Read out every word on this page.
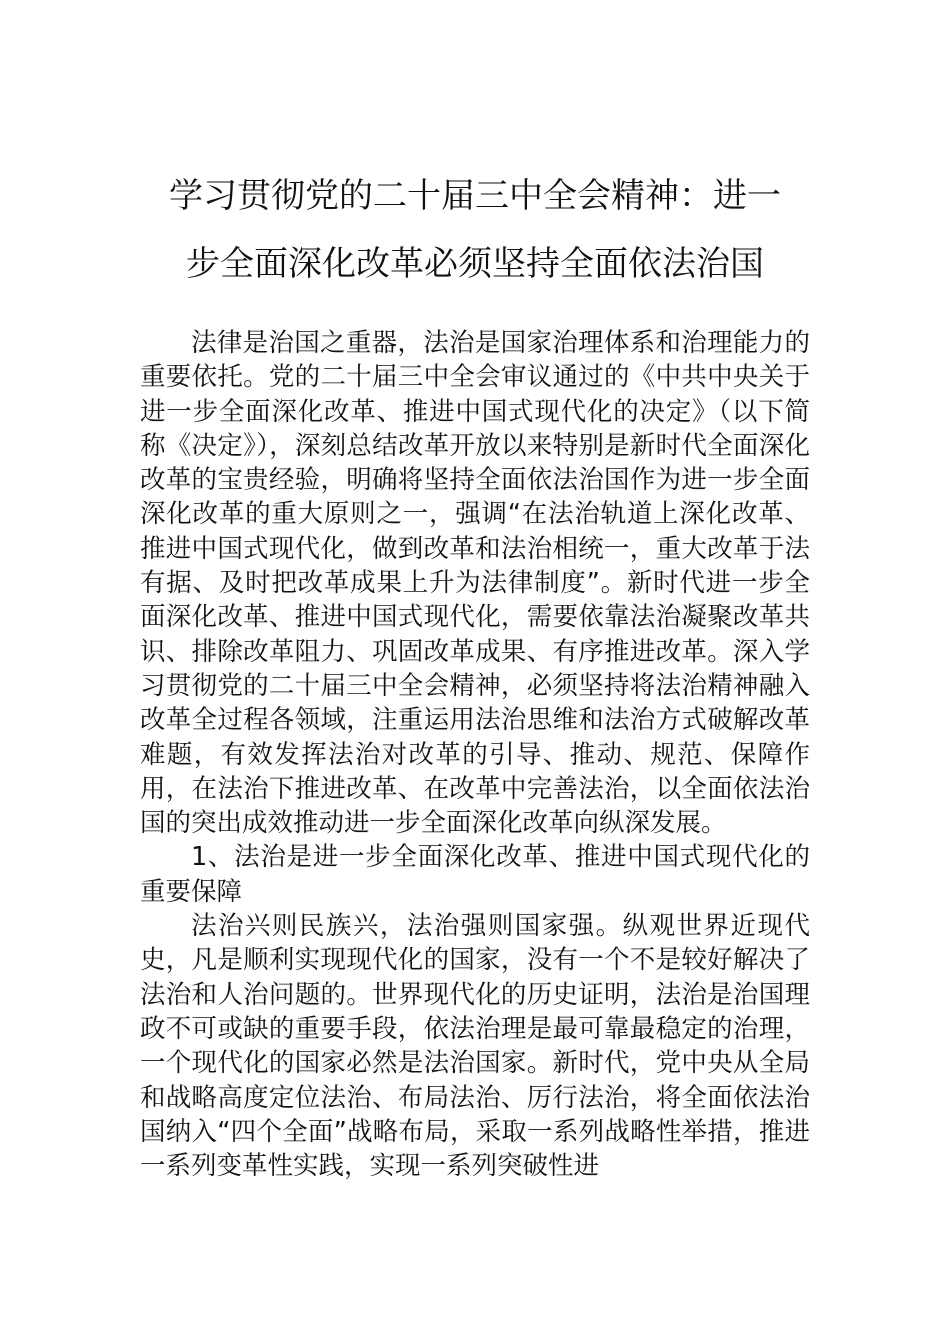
学习贯彻党的二十届三中全会精神：进一
步全面深化改革必须坚持全面依法治国

法律是治国之重器，法治是国家治理体系和治理能力的重要依托。党的二十届三中全会审议通过的《中共中央关于进一步全面深化改革、推进中国式现代化的决定》（以下简称《决定》），深刻总结改革开放以来特别是新时代全面深化改革的宝贵经验，明确将坚持全面依法治国作为进一步全面深化改革的重大原则之一，强调“在法治轨道上深化改革、推进中国式现代化，做到改革和法治相统一，重大改革于法有据、及时把改革成果上升为法律制度”。新时代进一步全面深化改革、推进中国式现代化，需要依靠法治凝聚改革共识、排除改革阻力、巩固改革成果、有序推进改革。深入学习贯彻党的二十届三中全会精神，必须坚持将法治精神融入改革全过程各领域，注重运用法治思维和法治方式破解改革难题，有效发挥法治对改革的引导、推动、规范、保障作用，在法治下推进改革、在改革中完善法治，以全面依法治国的突出成效推动进一步全面深化改革向纵深发展。

1、法治是进一步全面深化改革、推进中国式现代化的重要保障

法治兴则民族兴，法治强则国家强。纵观世界近现代史，凡是顺利实现现代化的国家，没有一个不是较好解决了法治和人治问题的。世界现代化的历史证明，法治是治国理政不可或缺的重要手段，依法治理是最可靠最稳定的治理，一个现代化的国家必然是法治国家。新时代，党中央从全局和战略高度定位法治、布局法治、厉行法治，将全面依法治国纳入“四个全面”战略布局，采取一系列战略性举措，推进一系列变革性实践，实现一系列突破性进
